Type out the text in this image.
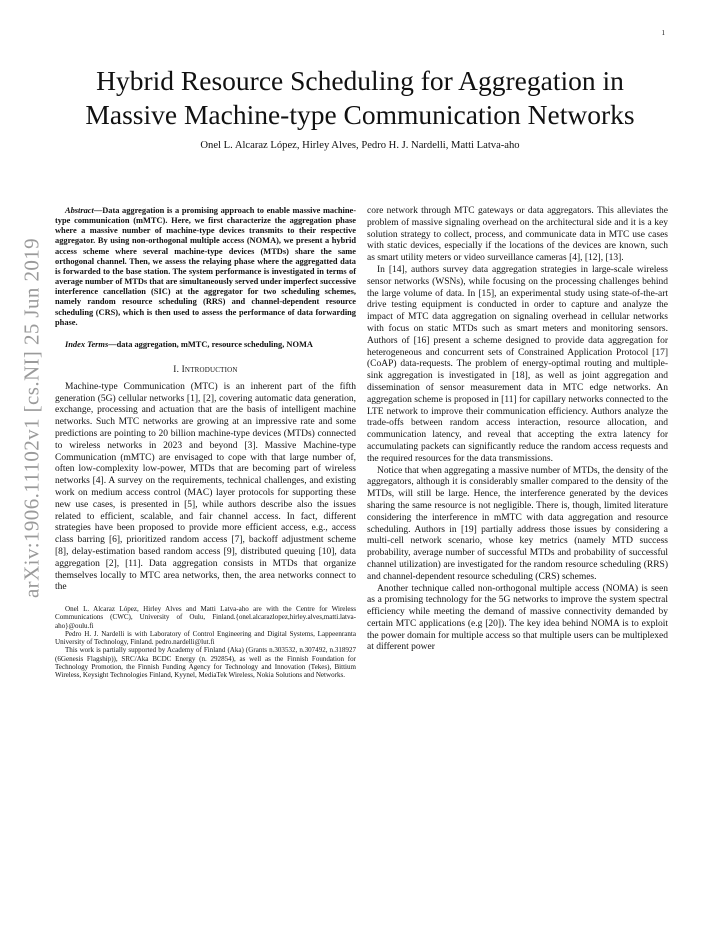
1
arXiv:1906.11102v1 [cs.NI] 25 Jun 2019
Hybrid Resource Scheduling for Aggregation in
Massive Machine-type Communication Networks
Onel L. Alcaraz López, Hirley Alves, Pedro H. J. Nardelli, Matti Latva-aho

Abstract—Data aggregation is a promising approach to enable massive machine-type communication (mMTC). Here, we first characterize the aggregation phase where a massive number of machine-type devices transmits to their respective aggregator. By using non-orthogonal multiple access (NOMA), we present a hybrid access scheme where several machine-type devices (MTDs) share the same orthogonal channel. Then, we assess the relaying phase where the aggregatted data is forwarded to the base station. The system performance is investigated in terms of average number of MTDs that are simultaneously served under imperfect successive interference cancellation (SIC) at the aggregator for two scheduling schemes, namely random resource scheduling (RRS) and channel-dependent resource scheduling (CRS), which is then used to assess the performance of data forwarding phase.

Index Terms—data aggregation, mMTC, resource scheduling, NOMA

I. Introduction

Machine-type Communication (MTC) is an inherent part of the fifth generation (5G) cellular networks [1], [2], covering automatic data generation, exchange, processing and actuation that are the basis of intelligent machine networks. Such MTC networks are growing at an impressive rate and some predictions are pointing to 20 billion machine-type devices (MTDs) connected to wireless networks in 2023 and beyond [3]. Massive Machine-type Communication (mMTC) are envisaged to cope with that large number of, often low-complexity low-power, MTDs that are becoming part of wireless networks [4]. A survey on the requirements, technical challenges, and existing work on medium access control (MAC) layer protocols for supporting these new use cases, is presented in [5], while authors describe also the issues related to efficient, scalable, and fair channel access. In fact, different strategies have been proposed to provide more efficient access, e.g., access class barring [6], prioritized random access [7], backoff adjustment scheme [8], delay-estimation based random access [9], distributed queuing [10], data aggregation [2], [11]. Data aggregation consists in MTDs that organize themselves locally to MTC area networks, then, the area networks connect to the

Onel L. Alcaraz López, Hirley Alves and Matti Latva-aho are with the Centre for Wireless Communications (CWC), University of Oulu, Finland.{onel.alcarazlopez,hirley.alves,matti.latva-aho}@oulu.fi

Pedro H. J. Nardelli is with Laboratory of Control Engineering and Digital Systems, Lappeenranta University of Technology, Finland. pedro.nardelli@lut.fi

This work is partially supported by Academy of Finland (Aka) (Grants n.303532, n.307492, n.318927 (6Genesis Flagship)), SRC/Aka BCDC Energy (n. 292854), as well as the Finnish Foundation for Technology Promotion, the Finnish Funding Agency for Technology and Innovation (Tekes), Bittium Wireless, Keysight Technologies Finland, Kyynel, MediaTek Wireless, Nokia Solutions and Networks.

core network through MTC gateways or data aggregators. This alleviates the problem of massive signaling overhead on the architectural side and it is a key solution strategy to collect, process, and communicate data in MTC use cases with static devices, especially if the locations of the devices are known, such as smart utility meters or video surveillance cameras [4], [12], [13].

In [14], authors survey data aggregation strategies in large-scale wireless sensor networks (WSNs), while focusing on the processing challenges behind the large volume of data. In [15], an experimental study using state-of-the-art drive testing equipment is conducted in order to capture and analyze the impact of MTC data aggregation on signaling overhead in cellular networks with focus on static MTDs such as smart meters and monitoring sensors. Authors of [16] present a scheme designed to provide data aggregation for heterogeneous and concurrent sets of Constrained Application Protocol [17] (CoAP) data-requests. The problem of energy-optimal routing and multiple-sink aggregation is investigated in [18], as well as joint aggregation and dissemination of sensor measurement data in MTC edge networks. An aggregation scheme is proposed in [11] for capillary networks connected to the LTE network to improve their communication efficiency. Authors analyze the trade-offs between random access interaction, resource allocation, and communication latency, and reveal that accepting the extra latency for accumulating packets can significantly reduce the random access requests and the required resources for the data transmissions.

Notice that when aggregating a massive number of MTDs, the density of the aggregators, although it is considerably smaller compared to the density of the MTDs, will still be large. Hence, the interference generated by the devices sharing the same resource is not negligible. There is, though, limited literature considering the interference in mMTC with data aggregation and resource scheduling. Authors in [19] partially address those issues by considering a multi-cell network scenario, whose key metrics (namely MTD success probability, average number of successful MTDs and probability of successful channel utilization) are investigated for the random resource scheduling (RRS) and channel-dependent resource scheduling (CRS) schemes.

Another technique called non-orthogonal multiple access (NOMA) is seen as a promising technology for the 5G networks to improve the system spectral efficiency while meeting the demand of massive connectivity demanded by certain MTC applications (e.g [20]). The key idea behind NOMA is to exploit the power domain for multiple access so that multiple users can be multiplexed at different power
